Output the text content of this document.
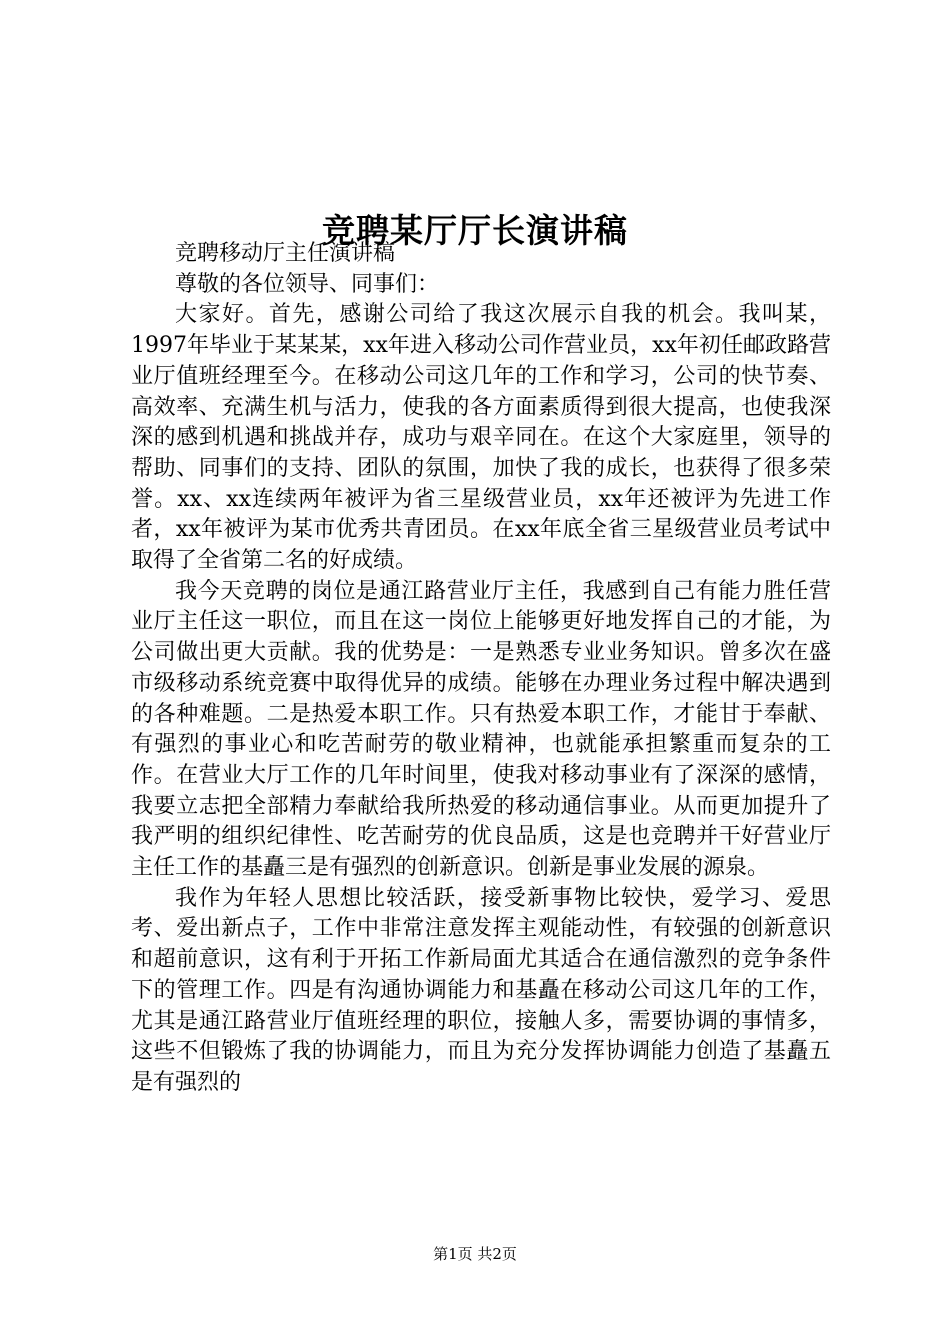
竞聘某厅厅长演讲稿

竞聘移动厅主任演讲稿

尊敬的各位领导、同事们：

大家好。首先，感谢公司给了我这次展示自我的机会。我叫某，1997年毕业于某某某，xx年进入移动公司作营业员，xx年初任邮政路营业厅值班经理至今。在移动公司这几年的工作和学习，公司的快节奏、高效率、充满生机与活力，使我的各方面素质得到很大提高，也使我深深的感到机遇和挑战并存，成功与艰辛同在。在这个大家庭里，领导的帮助、同事们的支持、团队的氛围，加快了我的成长，也获得了很多荣誉。xx、xx连续两年被评为省三星级营业员，xx年还被评为先进工作者，xx年被评为某市优秀共青团员。在xx年底全省三星级营业员考试中取得了全省第二名的好成绩。

我今天竞聘的岗位是通江路营业厅主任，我感到自己有能力胜任营业厅主任这一职位，而且在这一岗位上能够更好地发挥自己的才能，为公司做出更大贡献。我的优势是：一是熟悉专业业务知识。曾多次在盛市级移动系统竞赛中取得优异的成绩。能够在办理业务过程中解决遇到的各种难题。二是热爱本职工作。只有热爱本职工作，才能甘于奉献、有强烈的事业心和吃苦耐劳的敬业精神，也就能承担繁重而复杂的工作。在营业大厅工作的几年时间里，使我对移动事业有了深深的感情，我要立志把全部精力奉献给我所热爱的移动通信事业。从而更加提升了我严明的组织纪律性、吃苦耐劳的优良品质，这是也竞聘并干好营业厅主任工作的基矗三是有强烈的创新意识。创新是事业发展的源泉。

我作为年轻人思想比较活跃，接受新事物比较快，爱学习、爱思考、爱出新点子，工作中非常注意发挥主观能动性，有较强的创新意识和超前意识，这有利于开拓工作新局面尤其适合在通信激烈的竞争条件下的管理工作。四是有沟通协调能力和基矗在移动公司这几年的工作，尤其是通江路营业厅值班经理的职位，接触人多，需要协调的事情多，这些不但锻炼了我的协调能力，而且为充分发挥协调能力创造了基矗五是有强烈的

第1页 共2页
